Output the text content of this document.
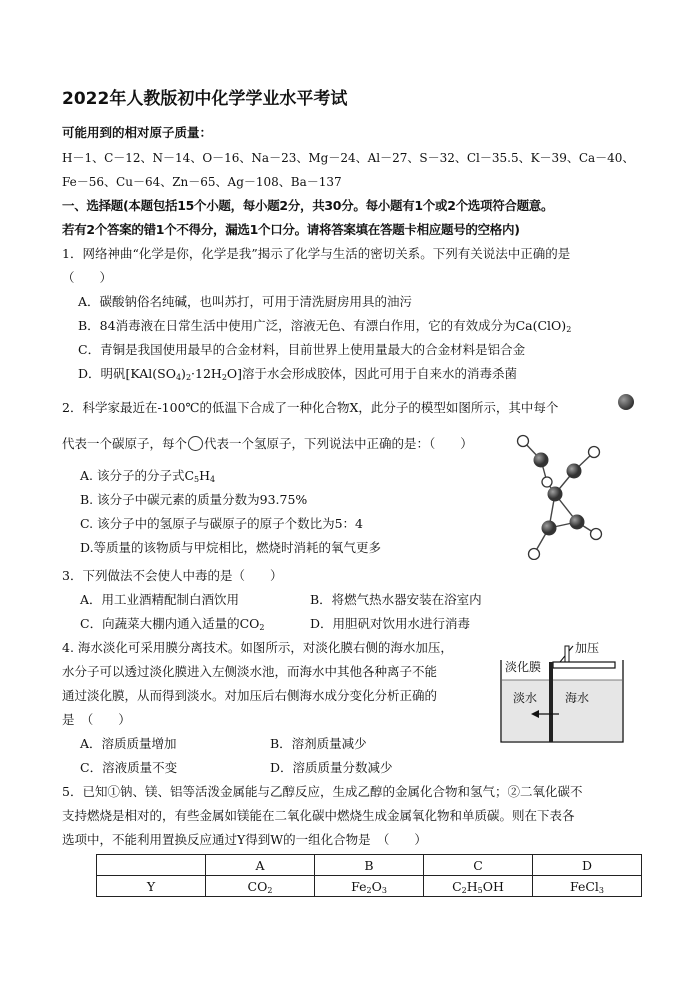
2022年人教版初中化学学业水平考试
可能用到的相对原子质量：
H－1、C－12、N－14、O－16、Na－23、Mg－24、Al－27、S－32、Cl－35.5、K－39、Ca－40、
Fe－56、Cu－64、Zn－65、Ag－108、Ba－137
一、选择题(本题包括15个小题，每小题2分，共30分。每小题有1个或2个选项符合题意。
若有2个答案的错1个不得分，漏选1个口分。请将答案填在答题卡相应题号的空格内)
1．网络神曲“化学是你，化学是我”揭示了化学与生活的密切关系。下列有关说法中正确的是
（　　）
A．碳酸钠俗名纯碱，也叫苏打，可用于清洗厨房用具的油污
B．84消毒液在日常生活中使用广泛，溶液无色、有漂白作用，它的有效成分为$Ca(ClO)_2$
C．青铜是我国使用最早的合金材料，目前世界上使用量最大的合金材料是铝合金
D．明矾$[KAl(SO_4)_2\cdot 12H_2O]$溶于水会形成胶体，因此可用于自来水的消毒杀菌
2．科学家最近在-100℃的低温下合成了一种化合物X，此分子的模型如图所示，其中每个
代表一个碳原子，每个 代表一个氢原子，下列说法中正确的是：（　　）
A. 该分子的分子式$C_5H_4$
B. 该分子中碳元素的质量分数为93.75%
C. 该分子中的氢原子与碳原子的原子个数比为5：4
D.等质量的该物质与甲烷相比，燃烧时消耗的氧气更多
3．下列做法不会使人中毒的是（　　）
A．用工业酒精配制白酒饮用	B．将燃气热水器安装在浴室内
C．向蔬菜大棚内通入适量的$CO_2$	D．用胆矾对饮用水进行消毒
4. 海水淡化可采用膜分离技术。如图所示，对淡化膜右侧的海水加压，
水分子可以透过淡化膜进入左侧淡水池，而海水中其他各种离子不能
通过淡化膜，从而得到淡水。对加压后右侧海水成分变化分析正确的
是　（　　）
A．溶质质量增加	B．溶剂质量减少
C．溶液质量不变	D．溶质质量分数减少
加压
淡化膜
淡水 海水
5．已知①钠、镁、铝等活泼金属能与乙醇反应，生成乙醇的金属化合物和氢气；②二氧化碳不
支持燃烧是相对的，有些金属如镁能在二氧化碳中燃烧生成金属氧化物和单质碳。则在下表各
选项中，不能利用置换反应通过Y得到W的一组化合物是　（　　）
	A	B	C	D
Y	$CO_2$	$Fe_2O_3$	$C_2H_5OH$	FeCl$_3$
